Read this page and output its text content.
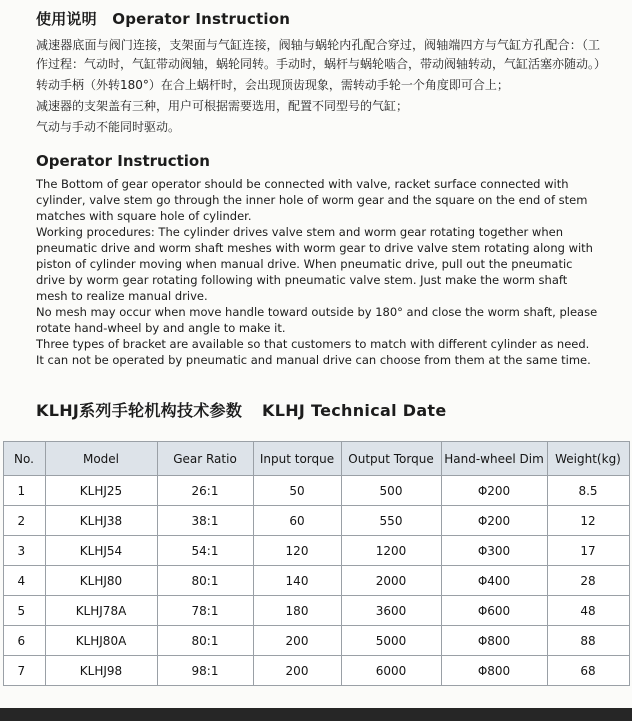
使用说明 Operator Instruction

减速器底面与阀门连接，支架面与气缸连接，阀轴与蜗轮内孔配合穿过，阀轴端四方与气缸方孔配合：（工作过程：气动时，气缸带动阀轴，蜗轮同转。手动时，蜗杆与蜗轮啮合，带动阀轴转动，气缸活塞亦随动。）

转动手柄（外转180°）在合上蜗杆时，会出现顶齿现象，需转动手轮一个角度即可合上；

减速器的支架盖有三种，用户可根据需要选用，配置不同型号的气缸；

气动与手动不能同时驱动。

Operator Instruction

The Bottom of gear operator should be connected with valve, racket surface connected with cylinder, valve stem go through the inner hole of worm gear and the square on the end of stem matches with square hole of cylinder.

Working procedures: The cylinder drives valve stem and worm gear rotating together when pneumatic drive and worm shaft meshes with worm gear to drive valve stem rotating along with piston of cylinder moving when manual drive. When pneumatic drive, pull out the pneumatic drive by worm gear rotating following with pneumatic valve stem. Just make the worm shaft mesh to realize manual drive.

No mesh may occur when move handle toward outside by 180° and close the worm shaft, please rotate hand-wheel by and angle to make it.

Three types of bracket are available so that customers to match with different cylinder as need.

It can not be operated by pneumatic and manual drive can choose from them at the same time.

KLHJ系列手轮机构技术参数 KLHJ Technical Date
No.	Model	Gear Ratio	Input torque	Output Torque	Hand-wheel Dim	Weight(kg)
1	KLHJ25	26:1	50	500	Φ200	8.5
2	KLHJ38	38:1	60	550	Φ200	12
3	KLHJ54	54:1	120	1200	Φ300	17
4	KLHJ80	80:1	140	2000	Φ400	28
5	KLHJ78A	78:1	180	3600	Φ600	48
6	KLHJ80A	80:1	200	5000	Φ800	88
7	KLHJ98	98:1	200	6000	Φ800	68
